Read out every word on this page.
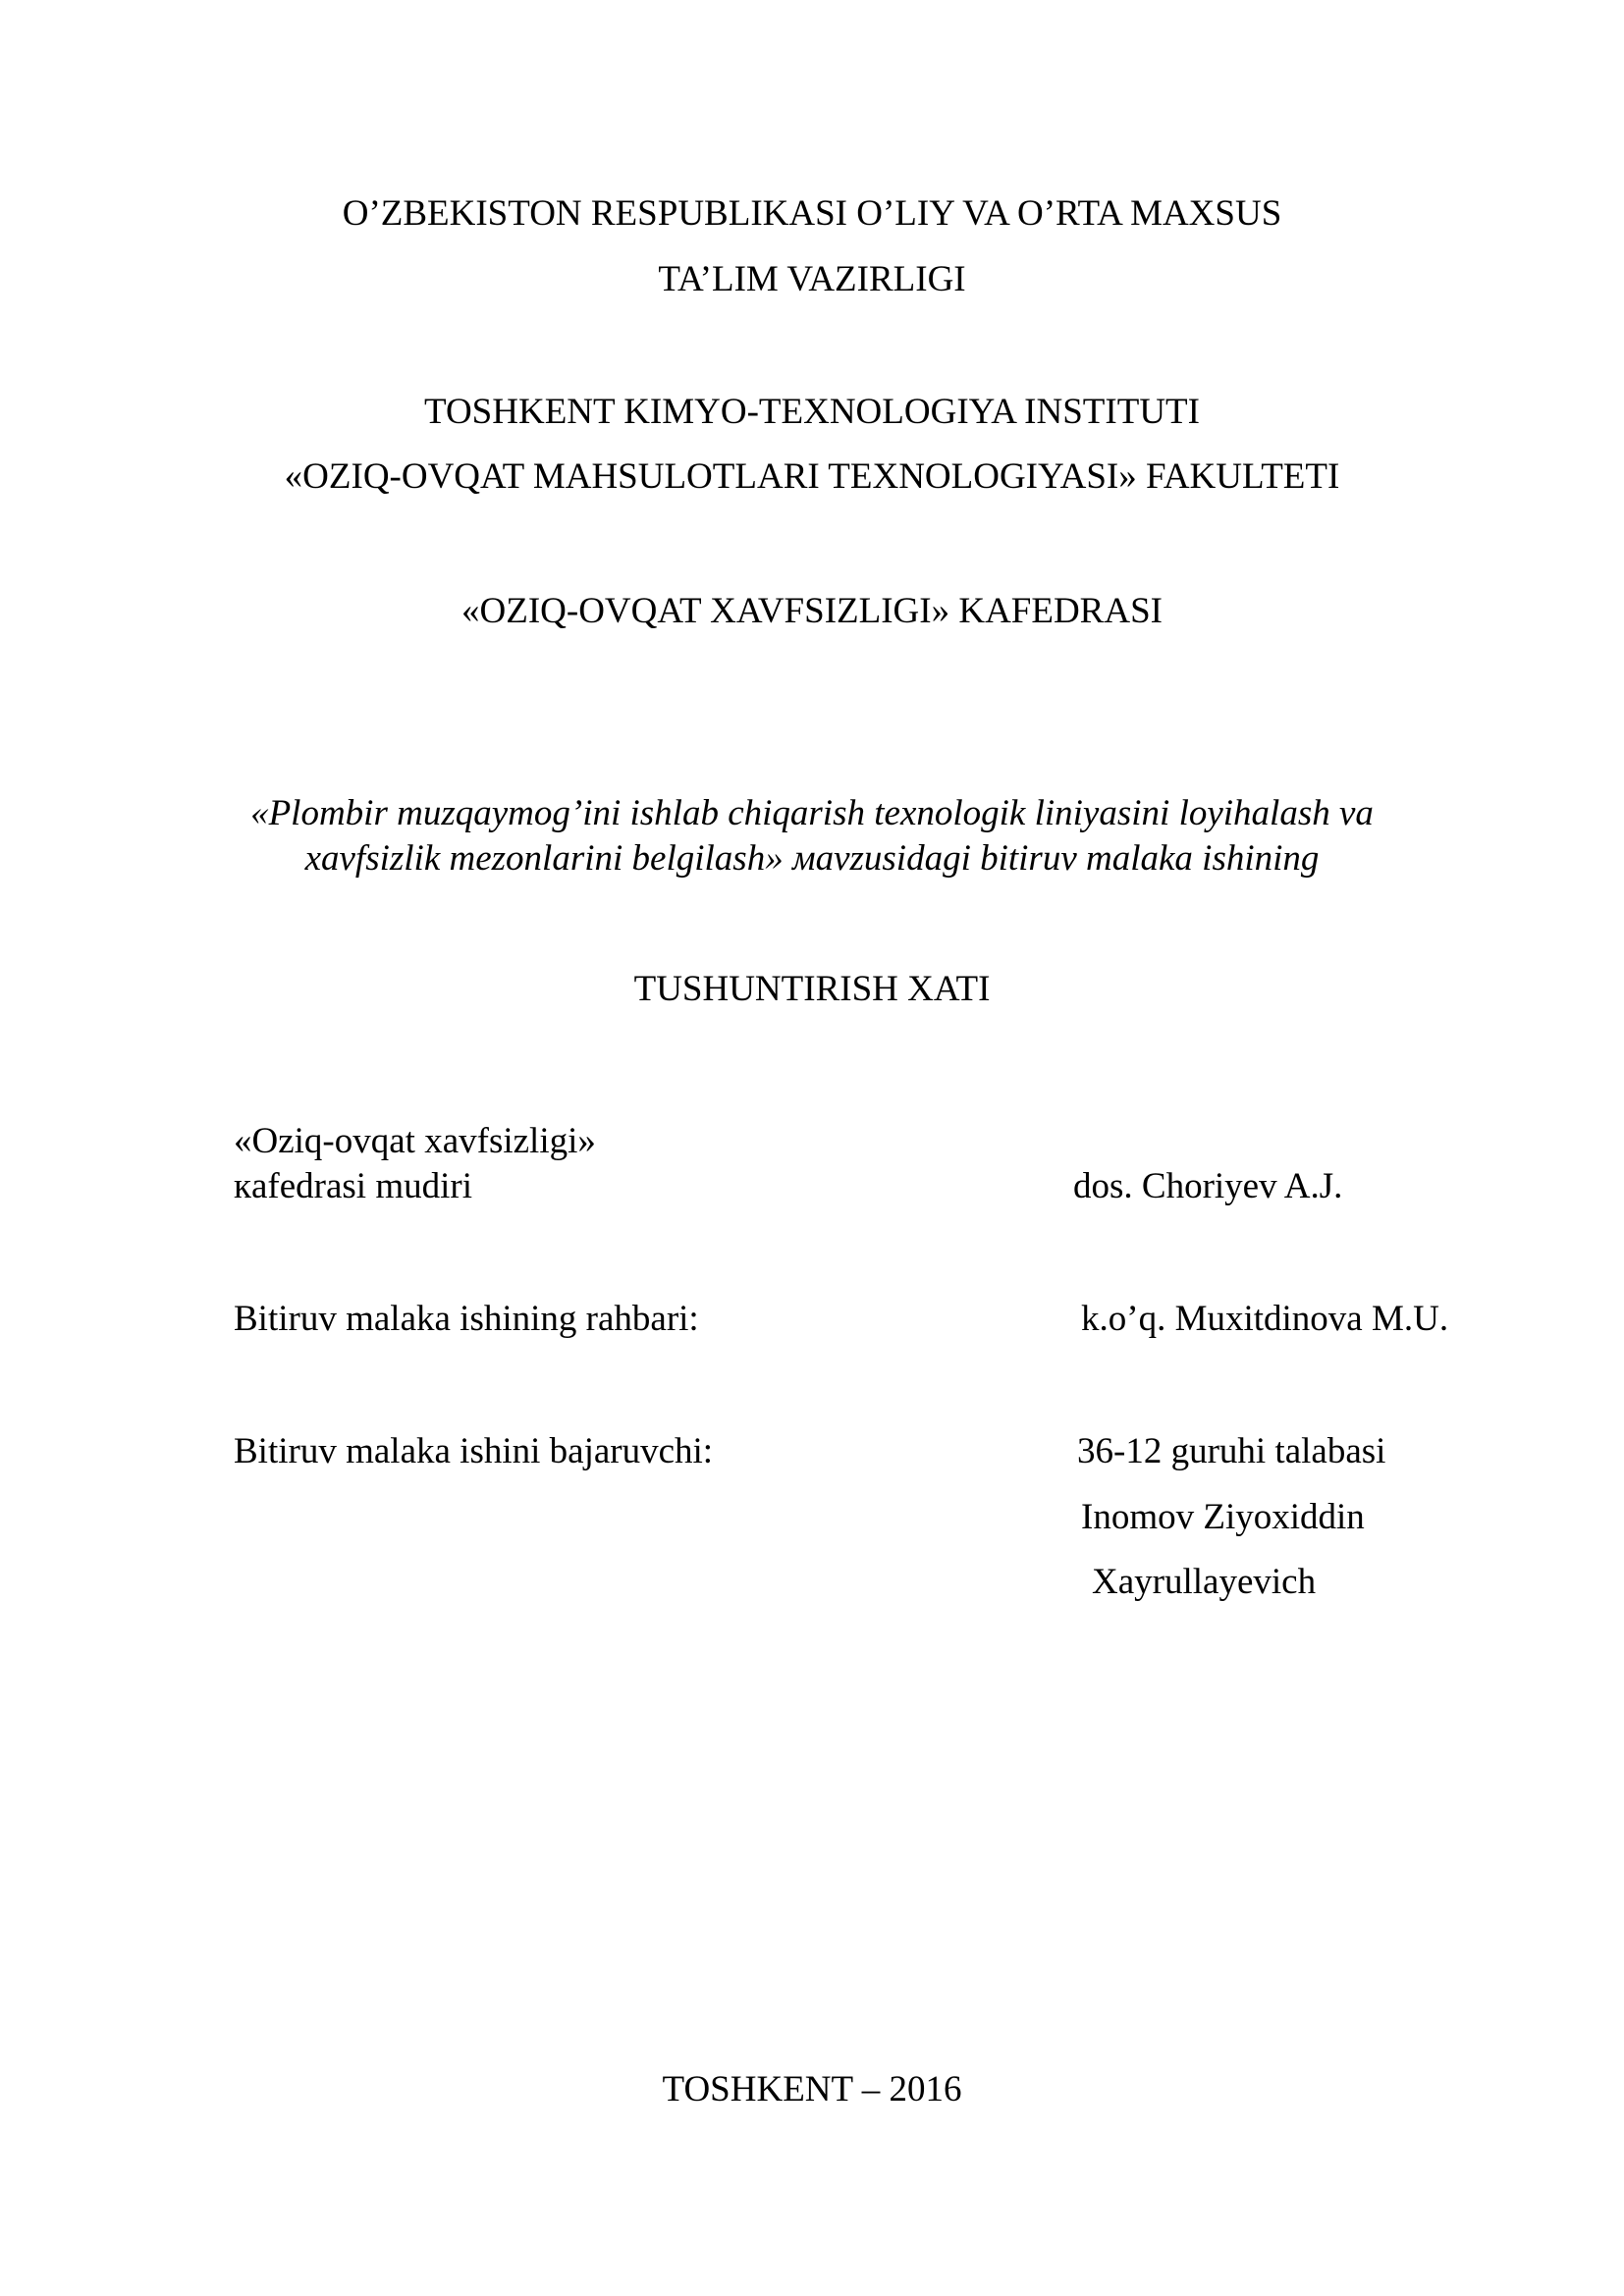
O’ZBEKISTON RESPUBLIKASI O’LIY VA O’RTA MAXSUS
TA’LIM VAZIRLIGI
TOSHKENT KIMYO-TEXNOLOGIYA INSTITUTI
«OZIQ-OVQAT MAHSULOTLARI TEXNOLOGIYASI» FAKULTETI
«OZIQ-OVQAT XAVFSIZLIGI» KAFEDRASI
«Plombir muzqaymog’ini ishlab chiqarish texnologik liniyasini loyihalash va
xavfsizlik mezonlarini belgilash» мavzusidagi bitiruv malaka ishining
TUSHUNTIRISH XATI
«Oziq-ovqat xavfsizligi»
кafedrasi mudiri	dos. Choriyev A.J.
Bitiruv malaka ishining rahbari:	k.o’q. Muxitdinova M.U.
Bitiruv malaka ishini bajaruvchi:	36-12 guruhi talabasi
Inomov Ziyoxiddin
Xayrullayevich
TOSHKENT – 2016
